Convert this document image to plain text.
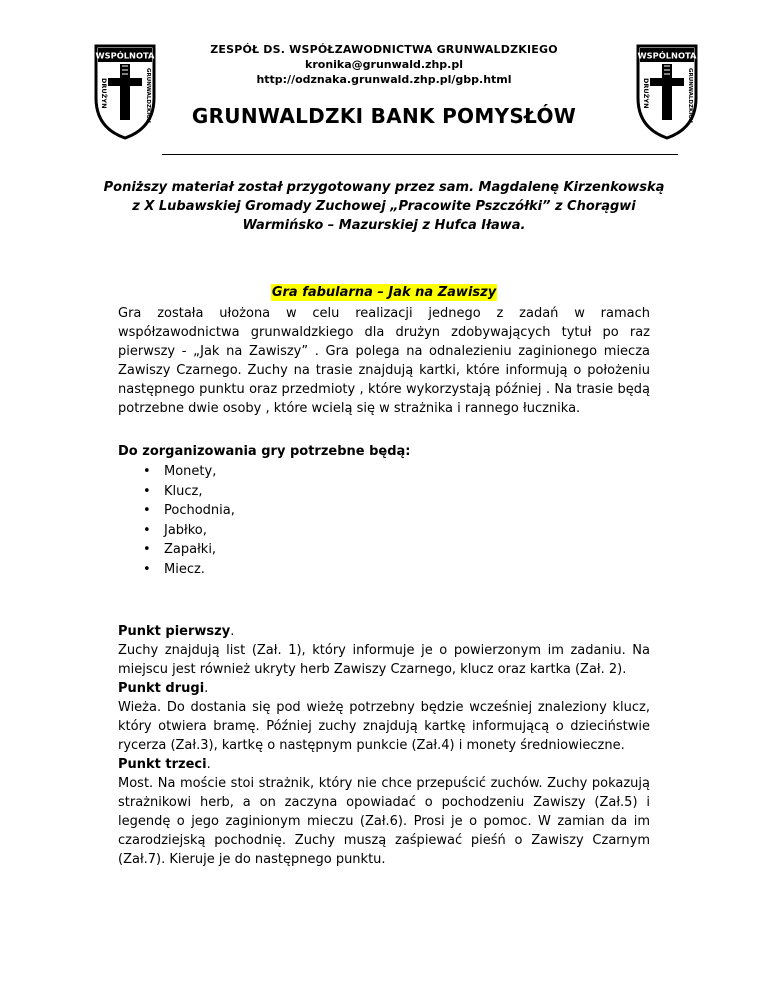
WSPÓLNOTA
DRUŻYN	GRUNWALDZKICH
WSPÓLNOTA
DRUŻYN	GRUNWALDZKICH
ZESPÓŁ DS. WSPÓŁZAWODNICTWA GRUNWALDZKIEGO
kronika@grunwald.zhp.pl
http://odznaka.grunwald.zhp.pl/gbp.html
GRUNWALDZKI BANK POMYSŁÓW
Poniższy materiał został przygotowany przez sam. Magdalenę Kirzenkowską
z X Lubawskiej Gromady Zuchowej „Pracowite Pszczółki” z Chorągwi
Warmińsko – Mazurskiej z Hufca Iława.
Gra fabularna – Jak na Zawiszy
Gra została ułożona w celu realizacji jednego z zadań w ramach współzawodnictwa grunwaldzkiego dla drużyn zdobywających tytuł po raz pierwszy - „Jak na Zawiszy” . Gra polega na odnalezieniu zaginionego miecza Zawiszy Czarnego. Zuchy na trasie znajdują kartki, które informują o położeniu następnego punktu oraz przedmioty , które wykorzystają później . Na trasie będą potrzebne dwie osoby , które wcielą się w strażnika i rannego łucznika.
Do zorganizowania gry potrzebne będą:
• Monety,
• Klucz,
• Pochodnia,
• Jabłko,
• Zapałki,
• Miecz.
Punkt pierwszy.
Zuchy znajdują list (Zał. 1), który informuje je o powierzonym im zadaniu. Na miejscu jest również ukryty herb Zawiszy Czarnego, klucz oraz kartka (Zał. 2).
Punkt drugi.
Wieża. Do dostania się pod wieżę potrzebny będzie wcześniej znaleziony klucz, który otwiera bramę. Później zuchy znajdują kartkę informującą o dzieciństwie rycerza (Zał.3), kartkę o następnym punkcie (Zał.4) i monety średniowieczne.
Punkt trzeci.
Most. Na moście stoi strażnik, który nie chce przepuścić zuchów. Zuchy pokazują strażnikowi herb, a on zaczyna opowiadać o pochodzeniu Zawiszy (Zał.5) i legendę o jego zaginionym mieczu (Zał.6). Prosi je o pomoc. W zamian da im czarodziejską pochodnię. Zuchy muszą zaśpiewać pieśń o Zawiszy Czarnym (Zał.7). Kieruje je do następnego punktu.
